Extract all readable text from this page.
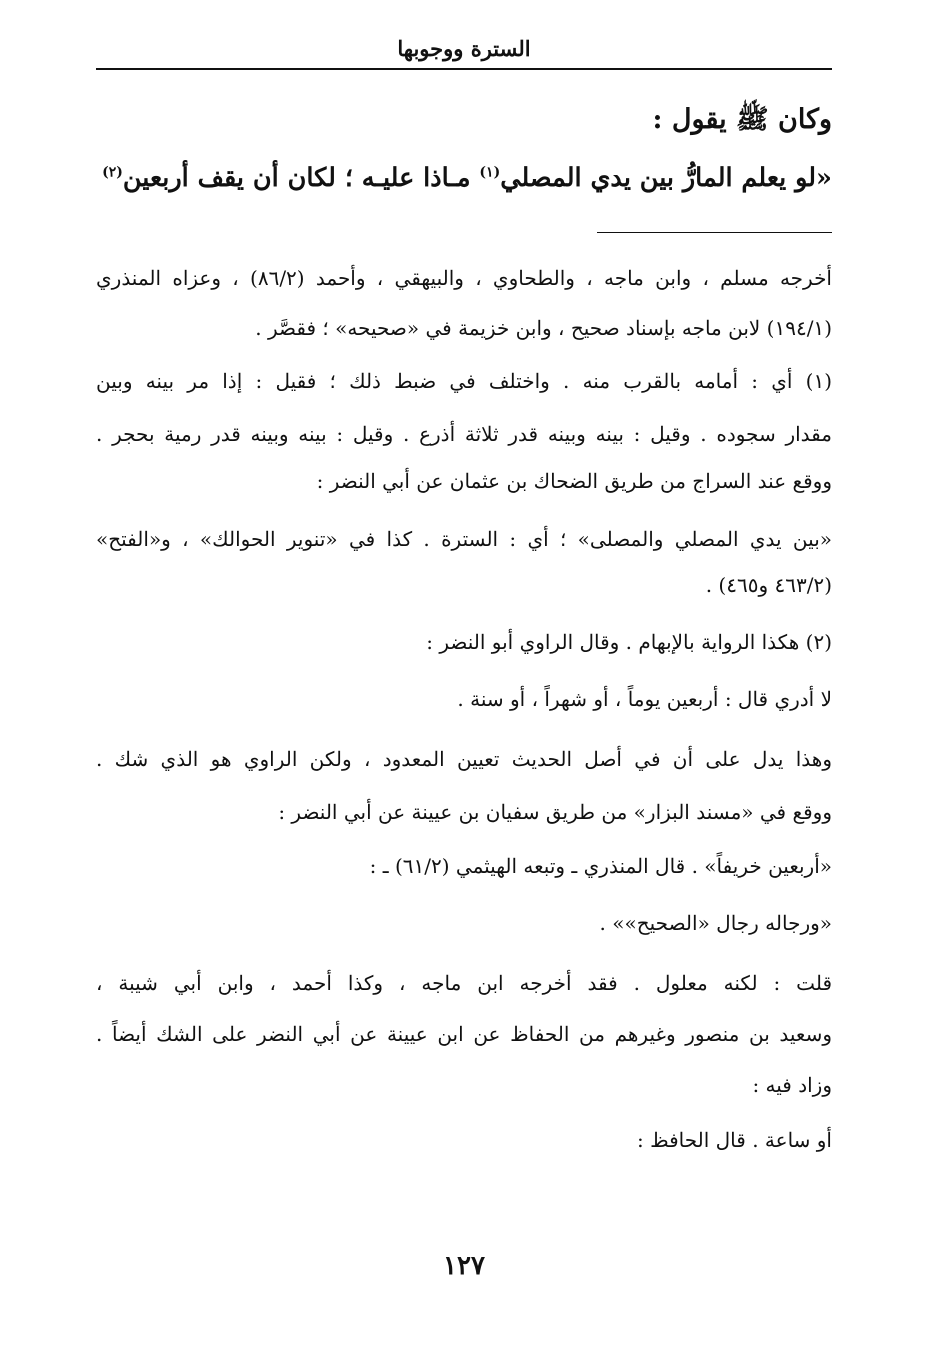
السترة ووجوبها
وكان ﷺ يقول :
«لو يعلم المارُّ بين يدي المصلي$^{(١)}$ مـاذا عليـه ؛ لكان أن يقف أربعين$^{(٢)}$
أخرجه مسلم ، وابن ماجه ، والطحاوي ، والبيهقي ، وأحمد (٨٦/٢) ، وعزاه المنذري
(١٩٤/١) لابن ماجه بإسناد صحيح ، وابن خزيمة في «صحيحه» ؛ فقصَّر .
(١) أي : أمامه بالقرب منه . واختلف في ضبط ذلك ؛ فقيل : إذا مر بينه وبين
مقدار سجوده . وقيل : بينه وبينه قدر ثلاثة أذرع . وقيل : بينه وبينه قدر رمية بحجر .
ووقع عند السراج من طريق الضحاك بن عثمان عن أبي النضر :
«بين يدي المصلي والمصلى» ؛ أي : السترة . كذا في «تنوير الحوالك» ، و«الفتح»
(٤٦٣/٢ و٤٦٥) .
(٢) هكذا الرواية بالإبهام . وقال الراوي أبو النضر :
لا أدري قال : أربعين يوماً ، أو شهراً ، أو سنة .
وهذا يدل على أن في أصل الحديث تعيين المعدود ، ولكن الراوي هو الذي شك .
ووقع في «مسند البزار» من طريق سفيان بن عيينة عن أبي النضر :
«أربعين خريفاً» . قال المنذري ـ وتبعه الهيثمي (٦١/٢) ـ :
«ورجاله رجال «الصحيح»» .
قلت : لكنه معلول . فقد أخرجه ابن ماجه ، وكذا أحمد ، وابن أبي شيبة ،
وسعيد بن منصور وغيرهم من الحفاظ عن ابن عيينة عن أبي النضر على الشك أيضاً .
وزاد فيه :
أو ساعة . قال الحافظ :
١٢٧
